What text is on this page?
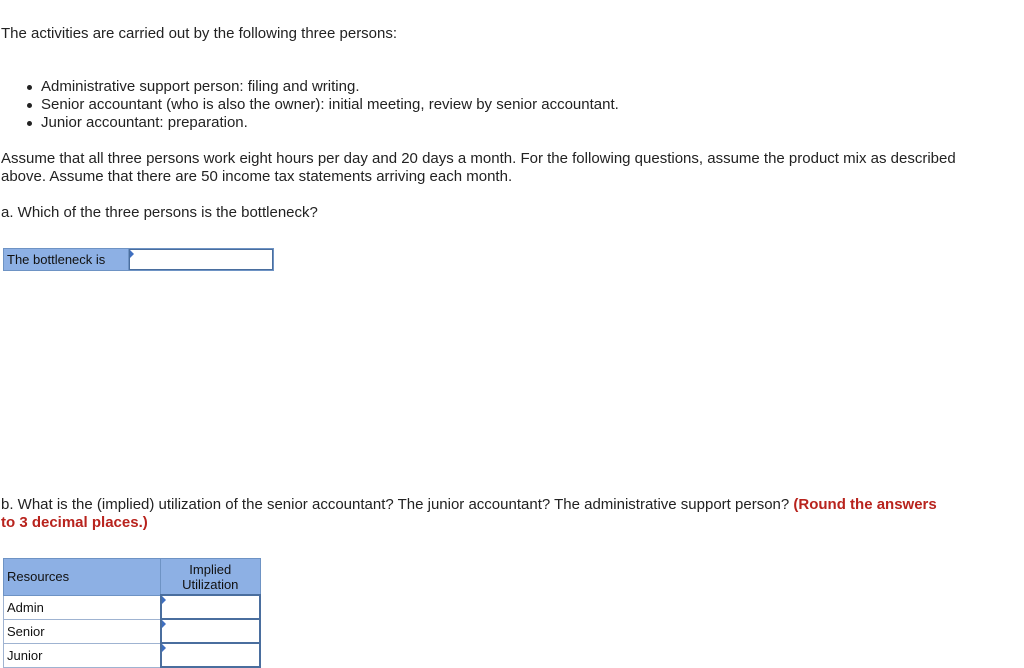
The activities are carried out by the following three persons:

Administrative support person: filing and writing.
Senior accountant (who is also the owner): initial meeting, review by senior accountant.
Junior accountant: preparation.

Assume that all three persons work eight hours per day and 20 days a month. For the following questions, assume the product mix as described above. Assume that there are 50 income tax statements arriving each month.

a. Which of the three persons is the bottleneck?

The bottleneck is

b. What is the (implied) utilization of the senior accountant? The junior accountant? The administrative support person? (Round the answers to 3 decimal places.)

Resources	Implied Utilization
Admin	

Senior	

Junior	
